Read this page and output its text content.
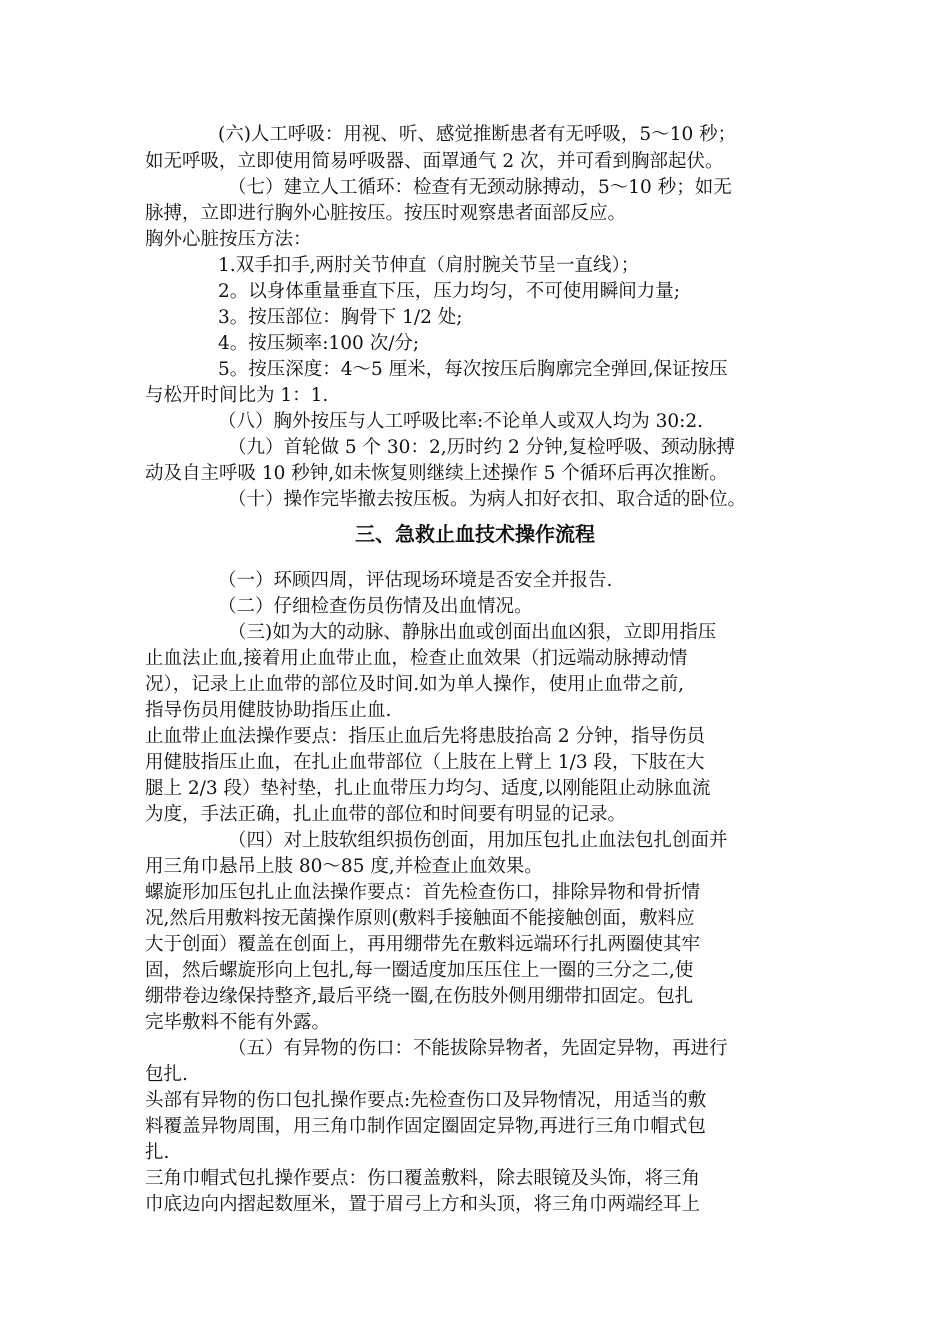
(六)人工呼吸：用视、听、感觉推断患者有无呼吸，5～10 秒；
如无呼吸，立即使用简易呼吸器、面罩通气 2 次，并可看到胸部起伏。
（七）建立人工循环：检查有无颈动脉搏动，5～10 秒；如无
脉搏，立即进行胸外心脏按压。按压时观察患者面部反应。
胸外心脏按压方法：
1.双手扣手,两肘关节伸直（肩肘腕关节呈一直线）；
2。以身体重量垂直下压，压力均匀，不可使用瞬间力量;
3。按压部位：胸骨下 1/2 处;
4。按压频率:100 次/分;
5。按压深度：4～5 厘米，每次按压后胸廓完全弹回,保证按压
与松开时间比为 1：1.
（八）胸外按压与人工呼吸比率:不论单人或双人均为 30:2.
（九）首轮做 5 个 30：2,历时约 2 分钟,复检呼吸、颈动脉搏
动及自主呼吸 10 秒钟,如未恢复则继续上述操作 5 个循环后再次推断。
（十）操作完毕撤去按压板。为病人扣好衣扣、取合适的卧位。
三、急救止血技术操作流程
（一）环顾四周，评估现场环境是否安全并报告.
（二）仔细检查伤员伤情及出血情况。
（三)如为大的动脉、静脉出血或创面出血凶狠，立即用指压
止血法止血,接着用止血带止血，检查止血效果（扪远端动脉搏动情
况），记录上止血带的部位及时间.如为单人操作，使用止血带之前,
指导伤员用健肢协助指压止血.
止血带止血法操作要点：指压止血后先将患肢抬高 2 分钟，指导伤员
用健肢指压止血，在扎止血带部位（上肢在上臂上 1/3 段，下肢在大
腿上 2/3 段）垫衬垫，扎止血带压力均匀、适度,以刚能阻止动脉血流
为度，手法正确，扎止血带的部位和时间要有明显的记录。
（四）对上肢软组织损伤创面，用加压包扎止血法包扎创面并
用三角巾悬吊上肢 80～85 度,并检查止血效果。
螺旋形加压包扎止血法操作要点：首先检查伤口，排除异物和骨折情
况,然后用敷料按无菌操作原则(敷料手接触面不能接触创面，敷料应
大于创面）覆盖在创面上，再用绷带先在敷料远端环行扎两圈使其牢
固，然后螺旋形向上包扎,每一圈适度加压压住上一圈的三分之二,使
绷带卷边缘保持整齐,最后平绕一圈,在伤肢外侧用绷带扣固定。包扎
完毕敷料不能有外露。
（五）有异物的伤口：不能拔除异物者，先固定异物，再进行
包扎.
头部有异物的伤口包扎操作要点:先检查伤口及异物情况，用适当的敷
料覆盖异物周围，用三角巾制作固定圈固定异物,再进行三角巾帽式包
扎.
三角巾帽式包扎操作要点：伤口覆盖敷料，除去眼镜及头饰，将三角
巾底边向内摺起数厘米，置于眉弓上方和头顶，将三角巾两端经耳上
